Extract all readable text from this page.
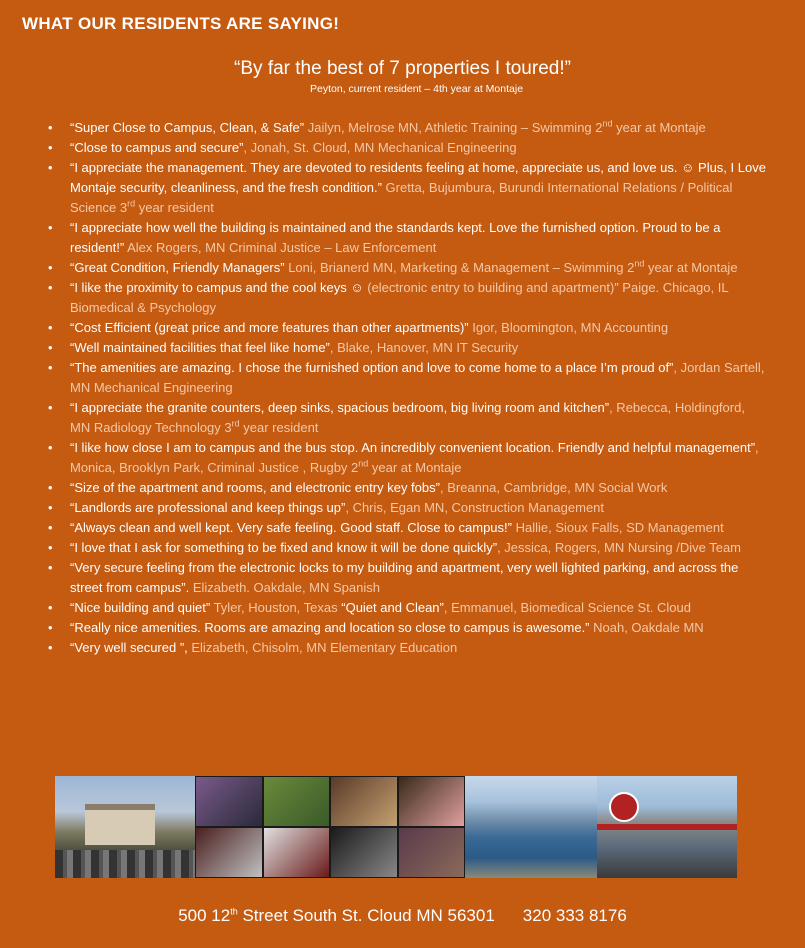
WHAT OUR RESIDENTS ARE SAYING!
“By far the best of 7 properties I toured!”
Peyton, current resident – 4th year at Montaje
• “Super Close to Campus, Clean, & Safe” Jailyn, Melrose MN, Athletic Training – Swimming 2nd year at Montaje
• “Close to campus and secure”, Jonah, St. Cloud, MN Mechanical Engineering
• “I appreciate the management. They are devoted to residents feeling at home, appreciate us, and love us. ☺ Plus, I Love Montaje security, cleanliness, and the fresh condition.” Gretta, Bujumbura, Burundi International Relations / Political Science 3rd year resident
• “I appreciate how well the building is maintained and the standards kept. Love the furnished option. Proud to be a resident!” Alex Rogers, MN Criminal Justice – Law Enforcement
• “Great Condition, Friendly Managers” Loni, Brianerd MN, Marketing & Management – Swimming 2nd year at Montaje
• “I like the proximity to campus and the cool keys ☺ (electronic entry to building and apartment)” Paige. Chicago, IL Biomedical & Psychology
• “Cost Efficient (great price and more features than other apartments)” Igor, Bloomington, MN Accounting
• “Well maintained facilities that feel like home”, Blake, Hanover, MN IT Security
• “The amenities are amazing. I chose the furnished option and love to come home to a place I’m proud of”, Jordan Sartell, MN Mechanical Engineering
• “I appreciate the granite counters, deep sinks, spacious bedroom, big living room and kitchen”, Rebecca, Holdingford, MN Radiology Technology 3rd year resident
• “I like how close I am to campus and the bus stop. An incredibly convenient location. Friendly and helpful management”, Monica, Brooklyn Park, Criminal Justice , Rugby 2nd year at Montaje
• “Size of the apartment and rooms, and electronic entry key fobs”, Breanna, Cambridge, MN Social Work
• “Landlords are professional and keep things up”, Chris, Egan MN, Construction Management
• “Always clean and well kept. Very safe feeling. Good staff. Close to campus!” Hallie, Sioux Falls, SD Management
• “I love that I ask for something to be fixed and know it will be done quickly”, Jessica, Rogers, MN Nursing /Dive Team
• “Very secure feeling from the electronic locks to my building and apartment, very well lighted parking, and across the street from campus”. Elizabeth. Oakdale, MN Spanish
• “Nice building and quiet” Tyler, Houston, Texas “Quiet and Clean”, Emmanuel, Biomedical Science St. Cloud
• “Really nice amenities. Rooms are amazing and location so close to campus is awesome.” Noah, Oakdale MN
• “Very well secured ”, Elizabeth, Chisolm, MN Elementary Education
500 12th Street South St. Cloud MN 56301 320 333 8176
